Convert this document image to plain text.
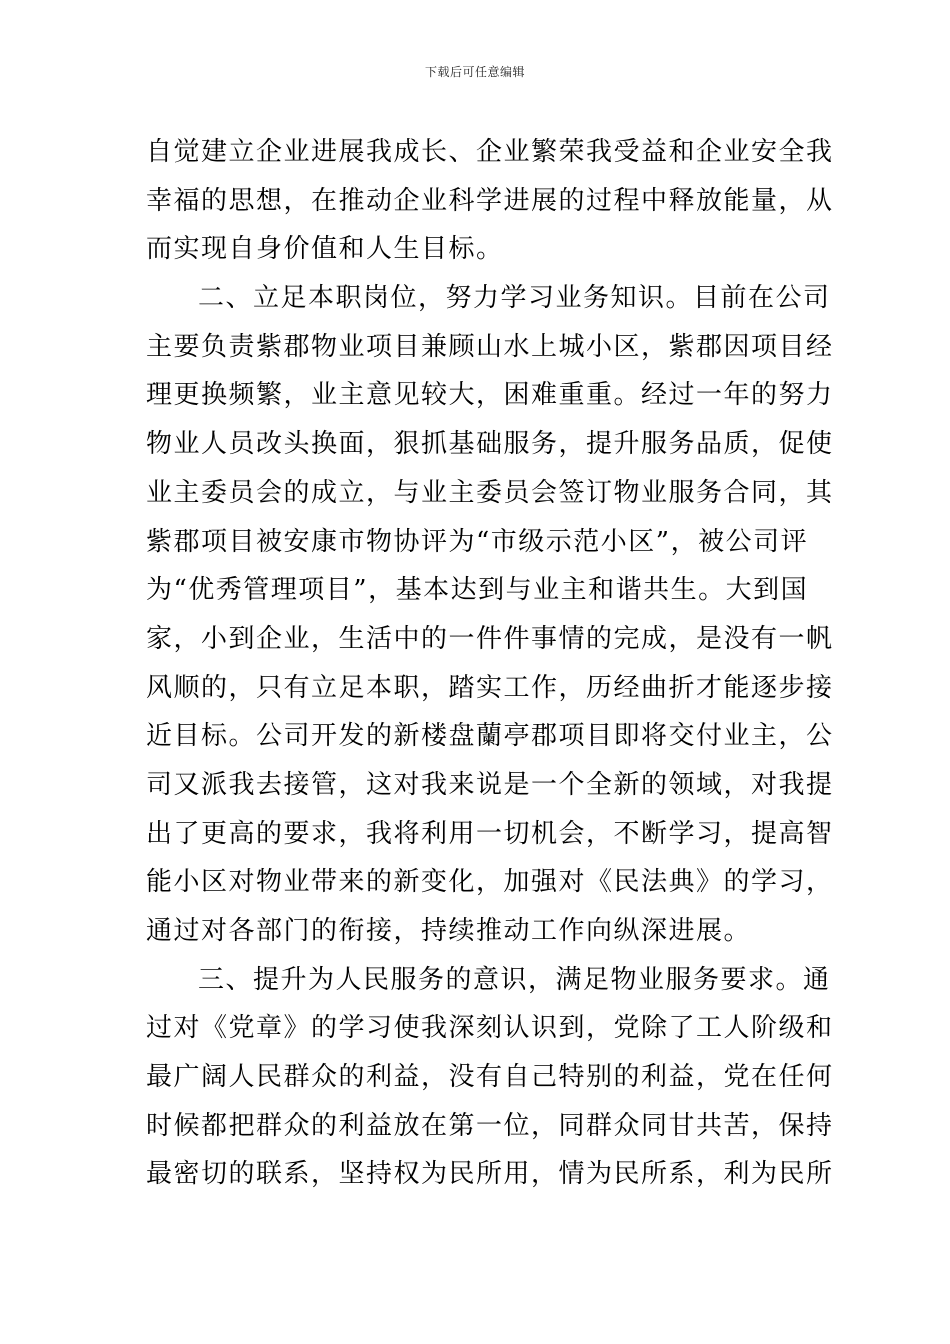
下载后可任意编辑
自觉建立企业进展我成长、企业繁荣我受益和企业安全我
幸福的思想，在推动企业科学进展的过程中释放能量，从
而实现自身价值和人生目标。
二、立足本职岗位，努力学习业务知识。目前在公司
主要负责紫郡物业项目兼顾山水上城小区，紫郡因项目经
理更换频繁，业主意见较大，困难重重。经过一年的努力
物业人员改头换面，狠抓基础服务，提升服务品质，促使
业主委员会的成立，与业主委员会签订物业服务合同，其
紫郡项目被安康市物协评为“市级示范小区”，被公司评
为“优秀管理项目”，基本达到与业主和谐共生。大到国
家，小到企业，生活中的一件件事情的完成，是没有一帆
风顺的，只有立足本职，踏实工作，历经曲折才能逐步接
近目标。公司开发的新楼盘蘭亭郡项目即将交付业主，公
司又派我去接管，这对我来说是一个全新的领域，对我提
出了更高的要求，我将利用一切机会，不断学习，提高智
能小区对物业带来的新变化，加强对《民法典》的学习，
通过对各部门的衔接，持续推动工作向纵深进展。
三、提升为人民服务的意识，满足物业服务要求。通
过对《党章》的学习使我深刻认识到，党除了工人阶级和
最广阔人民群众的利益，没有自己特别的利益，党在任何
时候都把群众的利益放在第一位，同群众同甘共苦，保持
最密切的联系，坚持权为民所用，情为民所系，利为民所
